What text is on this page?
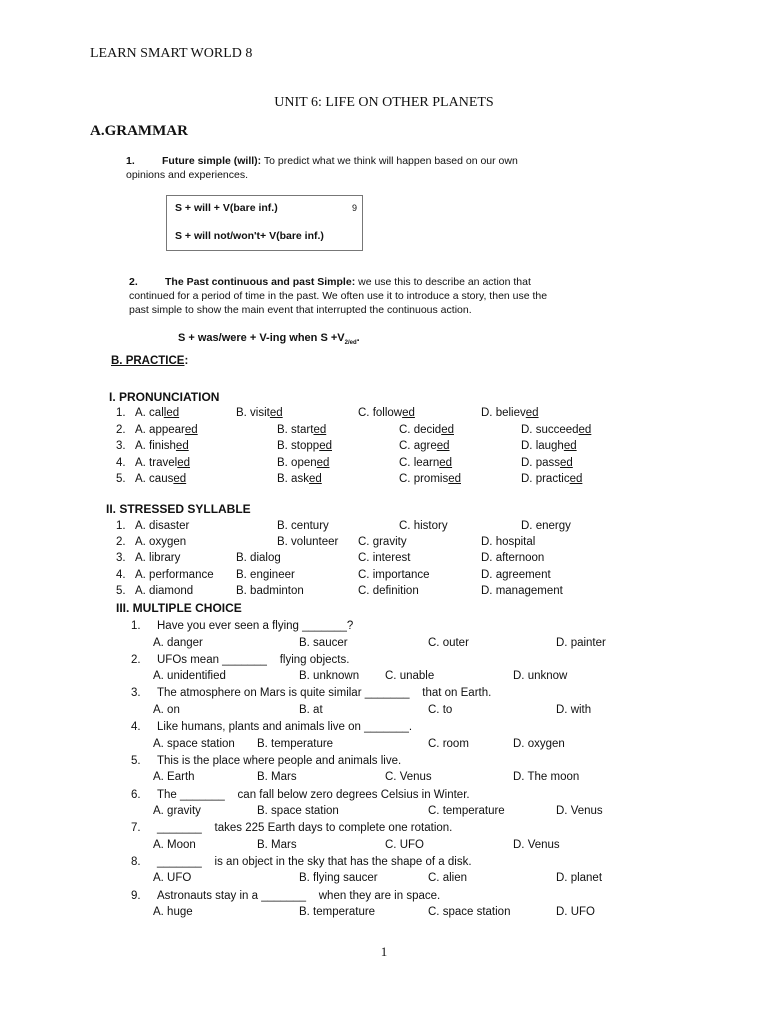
LEARN SMART WORLD 8
UNIT 6: LIFE ON OTHER PLANETS
A.GRAMMAR
1.	Future simple (will): To predict what we think will happen based on our own
opinions and experiences.
S + will + V(bare inf.)	9
S + will not/won't+ V(bare inf.)
2.	The Past continuous and past Simple: we use this to describe an action that
continued for a period of time in the past. We often use it to introduce a story, then use the
past simple to show the main event that interrupted the continuous action.
S + was/were + V-ing when $S +V_{2/ed}$.
B. PRACTICE:
I. PRONUNCIATION
1. A. called	B. visited	C. followed	D. believed
2. A. appeared	B. started	C. decided	D. succeeded
3. A. finished	B. stopped	C. agreed	D. laughed
4. A. traveled	B. opened	C. learned	D. passed
5. A. caused	B. asked	C. promised	D. practiced
II. STRESSED SYLLABLE
1. A. disaster	B. century	C. history	D. energy
2. A. oxygen	B. volunteer C. gravity	D. hospital
3. A. library	B. dialog	C. interest	D. afternoon
4. A. performance B. engineer	C. importance	D. agreement
5. A. diamond	B. badminton	C. definition	D. management
III. MULTIPLE CHOICE
1. Have you ever seen a flying _______?
A. danger	B. saucer	C. outer	D. painter
2. UFOs mean _______    flying objects.
A. unidentified	B. unknown C. unable	D. unknow
3. The atmosphere on Mars is quite similar _______    that on Earth.
A. on	B. at	C. to	D. with
4. Like humans, plants and animals live on _______.
A. space station B. temperature	C. room	D. oxygen
5. This is the place where people and animals live.
A. Earth	B. Mars	C. Venus	D. The moon
6. The _______    can fall below zero degrees Celsius in Winter.
A. gravity	B. space station	C. temperature	D. Venus
7. _______    takes 225 Earth days to complete one rotation.
A. Moon	B. Mars	C. UFO	D. Venus
8. _______    is an object in the sky that has the shape of a disk.
A. UFO	B. flying saucer	C. alien	D. planet
9. Astronauts stay in a _______    when they are in space.
A. huge	B. temperature	C. space station	D. UFO
1
